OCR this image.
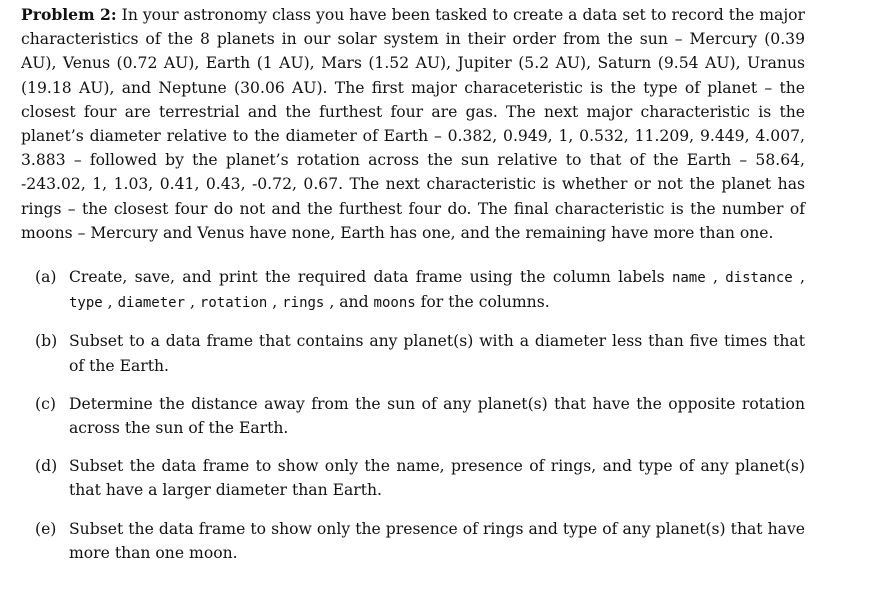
Problem 2: In your astronomy class you have been tasked to create a data set to record the major characteristics of the 8 planets in our solar system in their order from the sun – Mercury (0.39 AU), Venus (0.72 AU), Earth (1 AU), Mars (1.52 AU), Jupiter (5.2 AU), Saturn (9.54 AU), Uranus (19.18 AU), and Neptune (30.06 AU). The first major characeteristic is the type of planet – the closest four are terrestrial and the furthest four are gas. The next major characteristic is the planet’s diameter relative to the diameter of Earth – 0.382, 0.949, 1, 0.532, 11.209, 9.449, 4.007, 3.883 – followed by the planet’s rotation across the sun relative to that of the Earth – 58.64, -243.02, 1, 1.03, 0.41, 0.43, -0.72, 0.67. The next characteristic is whether or not the planet has rings – the closest four do not and the furthest four do. The final characteristic is the number of moons – Mercury and Venus have none, Earth has one, and the remaining have more than one.

(a) Create, save, and print the required data frame using the column labels name , distance , type , diameter , rotation , rings , and moons for the columns.
(b) Subset to a data frame that contains any planet(s) with a diameter less than five times that of the Earth.
(c) Determine the distance away from the sun of any planet(s) that have the opposite rotation across the sun of the Earth.
(d) Subset the data frame to show only the name, presence of rings, and type of any planet(s) that have a larger diameter than Earth.
(e) Subset the data frame to show only the presence of rings and type of any planet(s) that have more than one moon.
